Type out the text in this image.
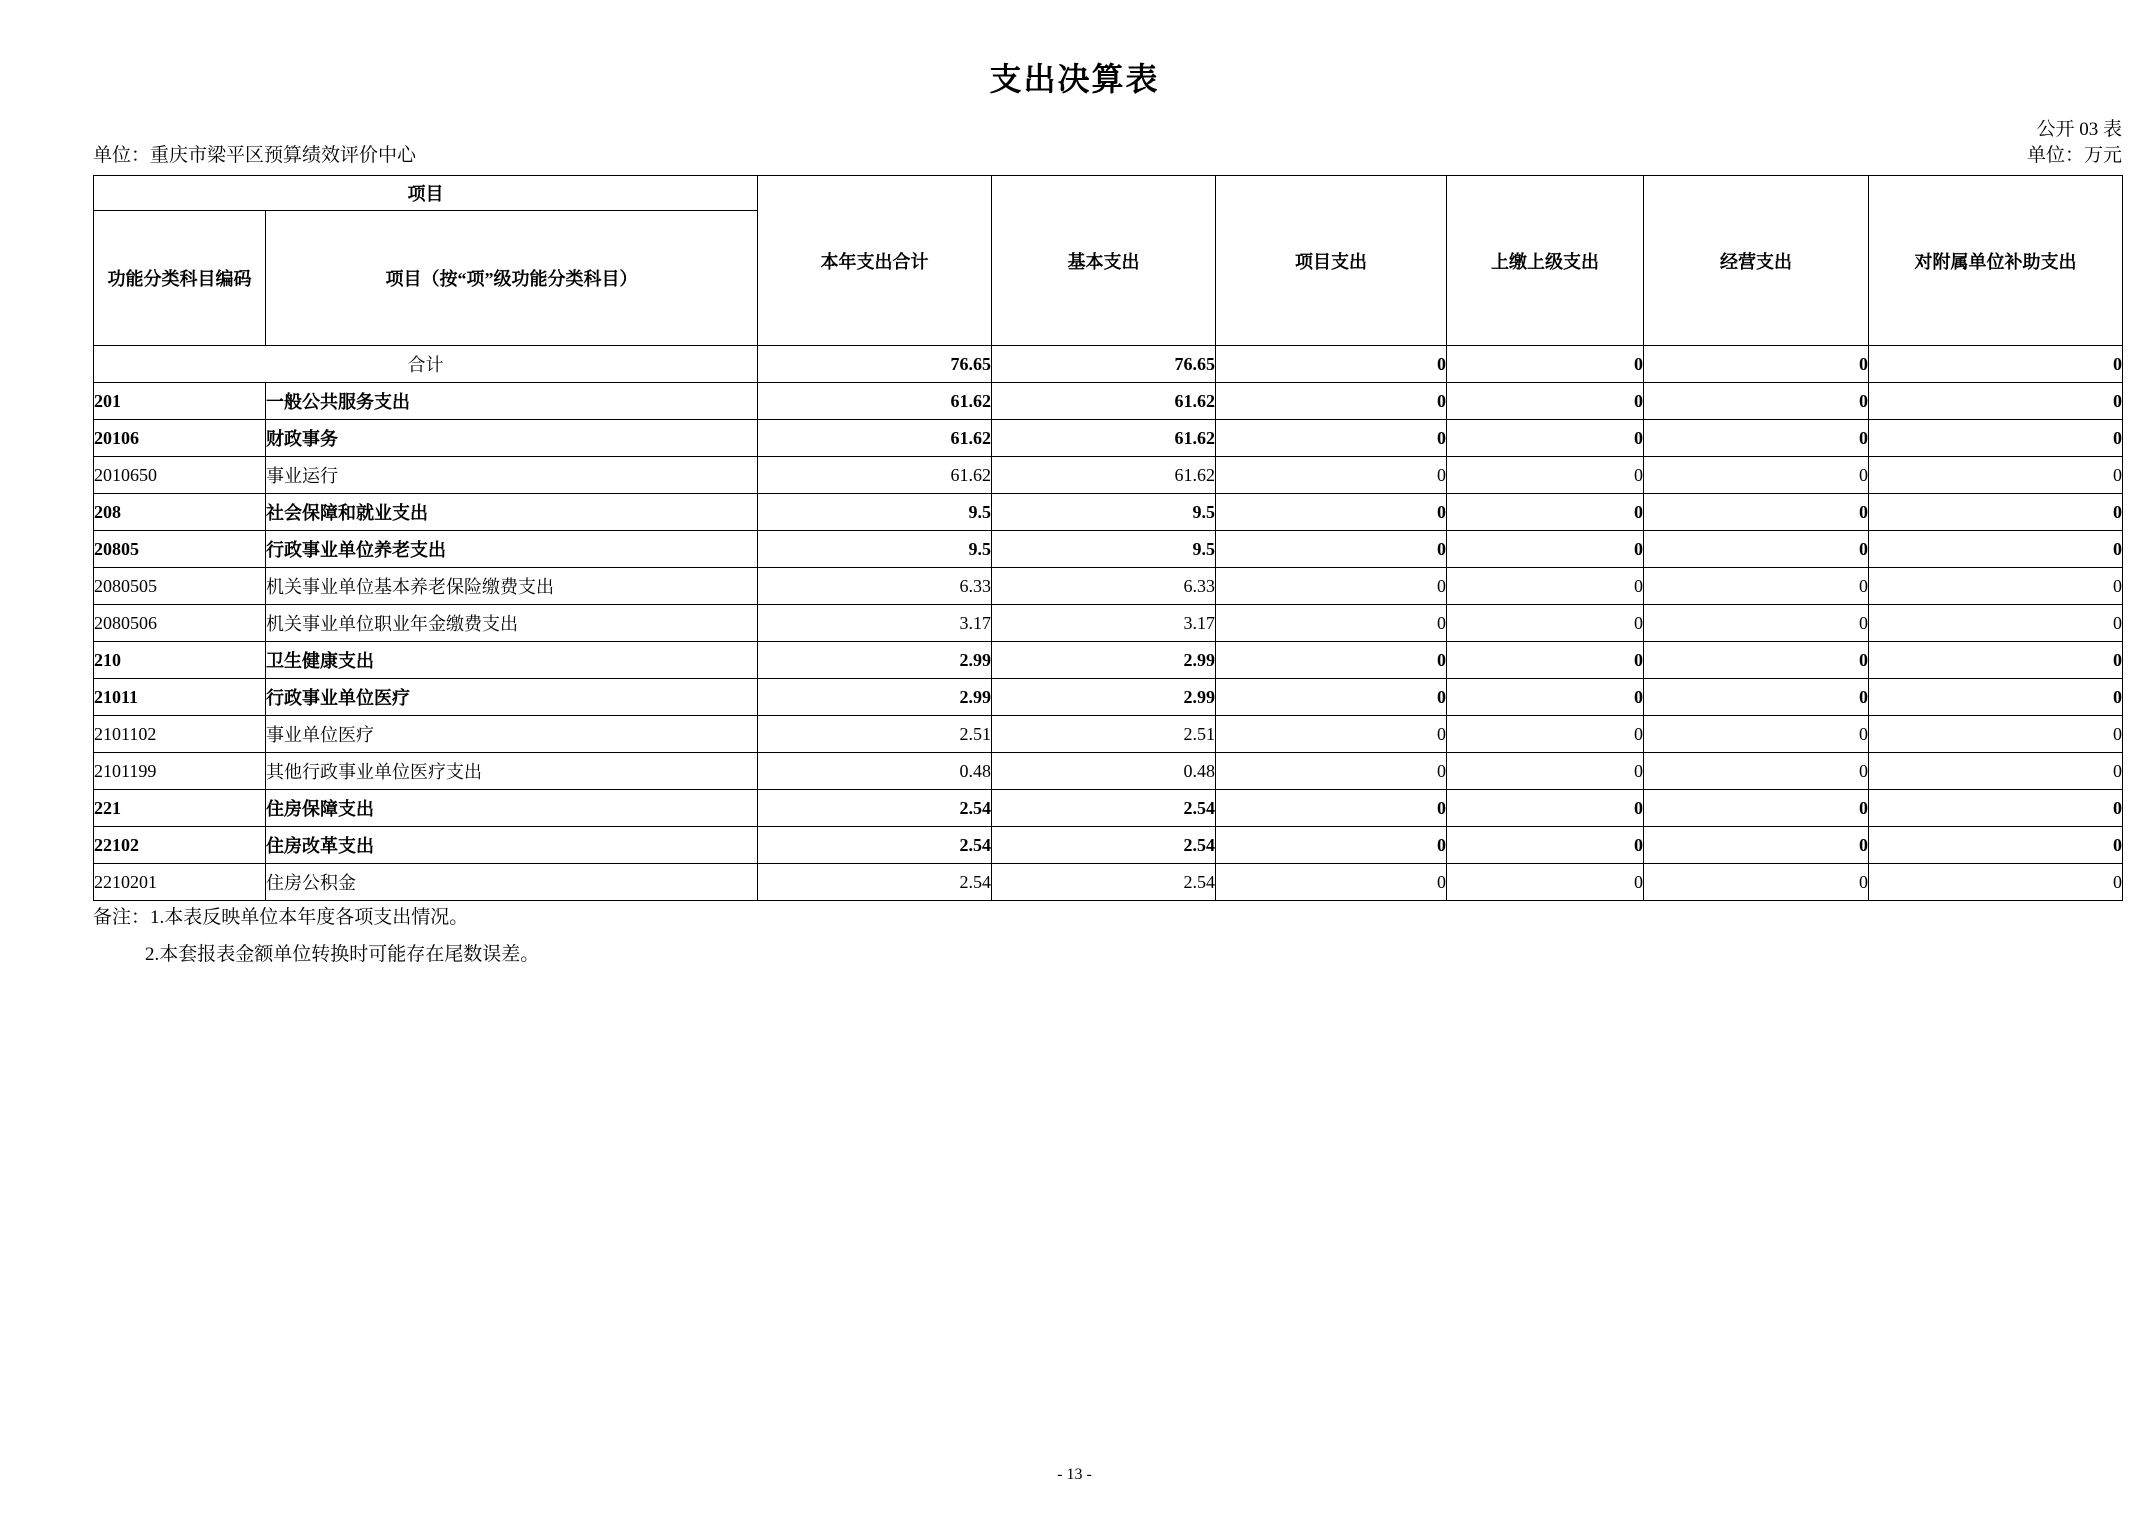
支出决算表
公开 03 表
单位：重庆市梁平区预算绩效评价中心	单位：万元
项目		本年支出合计	基本支出	项目支出	上缴上级支出	经营支出	对附属单位补助支出
功能分类科目编码	项目（按“项”级功能分类科目）						
合计		76.65	76.65	0	0	0	0
201	一般公共服务支出	61.62	61.62	0	0	0	0
20106	财政事务	61.62	61.62	0	0	0	0
2010650	事业运行	61.62	61.62	0	0	0	0
208	社会保障和就业支出	9.5	9.5	0	0	0	0
20805	行政事业单位养老支出	9.5	9.5	0	0	0	0
2080505	机关事业单位基本养老保险缴费支出	6.33	6.33	0	0	0	0
2080506	机关事业单位职业年金缴费支出	3.17	3.17	0	0	0	0
210	卫生健康支出	2.99	2.99	0	0	0	0
21011	行政事业单位医疗	2.99	2.99	0	0	0	0
2101102	事业单位医疗	2.51	2.51	0	0	0	0
2101199	其他行政事业单位医疗支出	0.48	0.48	0	0	0	0
221	住房保障支出	2.54	2.54	0	0	0	0
22102	住房改革支出	2.54	2.54	0	0	0	0
2210201	住房公积金	2.54	2.54	0	0	0	0
备注： 1.本表反映单位本年度各项支出情况。
2.本套报表金额单位转换时可能存在尾数误差。
- 13 -
